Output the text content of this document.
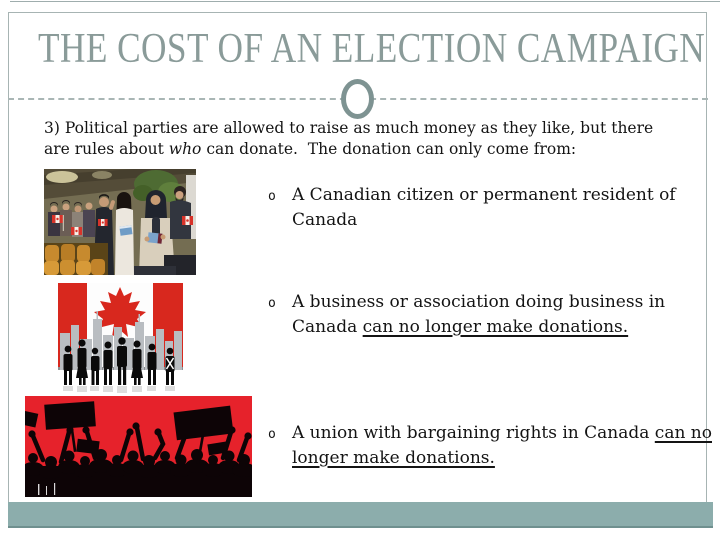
THE COST OF AN ELECTION CAMPAIGN
3) Political parties are allowed to raise as much money as they like, but there
are rules about who can donate.  The donation can only come from:
o A Canadian citizen or permanent resident of
Canada
o A business or association doing business in
Canada can no longer make donations.
o A union with bargaining rights in Canada can no
longer make donations.
